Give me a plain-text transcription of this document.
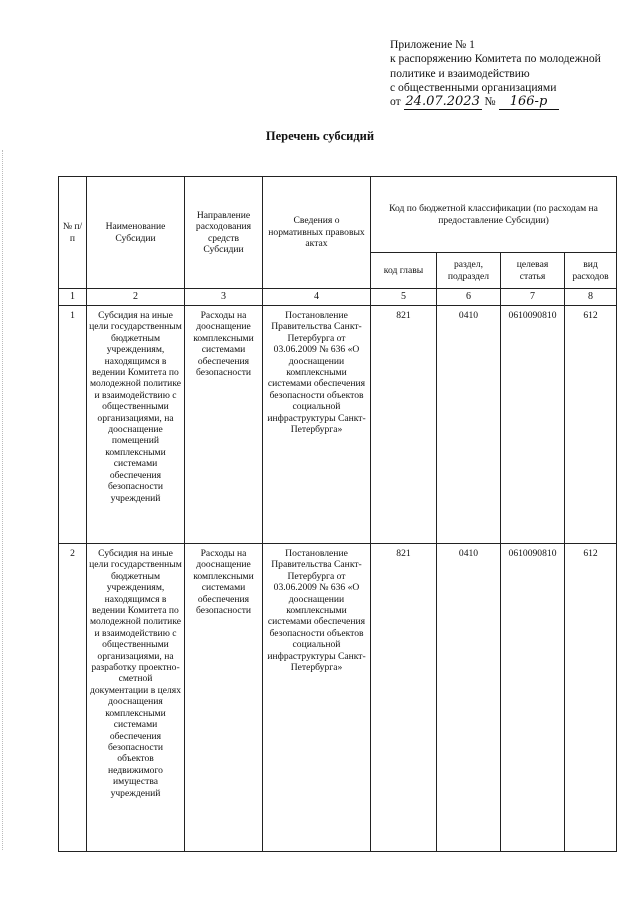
Приложение № 1
к распоряжению Комитета по молодежной
политике и взаимодействию
с общественными организациями
от 24.07.2023 № 166-р
Перечень субсидий
№ п/п	Наименование Субсидии	Направление расходования средств Субсидии	Сведения о нормативных правовых актах	Код по бюджетной классификации (по расходам на предоставление Субсидии)			
				код главы	раздел, подраздел	целевая статья	вид расходов
1	2	3	4	5	6	7	8
1	Субсидия на иные цели государственным бюджетным учреждениям, находящимся в ведении Комитета по молодежной политике и взаимодействию с общественными организациями, на дооснащение помещений комплексными системами обеспечения безопасности учреждений	Расходы на дооснащение комплексными системами обеспечения безопасности	Постановление Правительства Санкт-Петербурга от 03.06.2009 № 636 «О дооснащении комплексными системами обеспечения безопасности объектов социальной инфраструктуры Санкт-Петербурга»	821	0410	0610090810	612
2	Субсидия на иные цели государственным бюджетным учреждениям, находящимся в ведении Комитета по молодежной политике и взаимодействию с общественными организациями, на разработку проектно-сметной документации в целях дооснащения комплексными системами обеспечения безопасности объектов недвижимого имущества учреждений	Расходы на дооснащение комплексными системами обеспечения безопасности	Постановление Правительства Санкт-Петербурга от 03.06.2009 № 636 «О дооснащении комплексными системами обеспечения безопасности объектов социальной инфраструктуры Санкт-Петербурга»	821	0410	0610090810	612
